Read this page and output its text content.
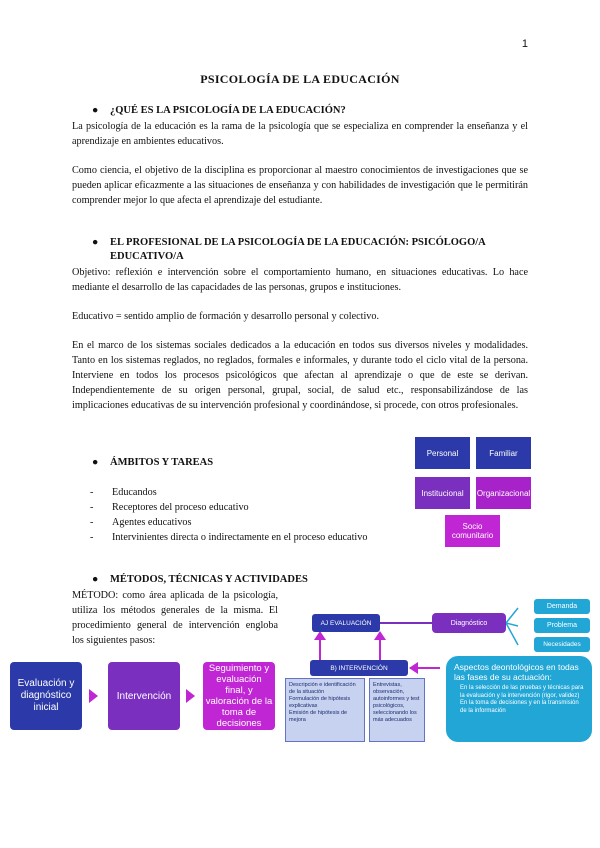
1
PSICOLOGÍA DE LA EDUCACIÓN
● ¿QUÉ ES LA PSICOLOGÍA DE LA EDUCACIÓN?
La psicología de la educación es la rama de la psicología que se especializa en comprender la enseñanza y el aprendizaje en ambientes educativos.
Como ciencia, el objetivo de la disciplina es proporcionar al maestro conocimientos de investigaciones que se pueden aplicar eficazmente a las situaciones de enseñanza y con habilidades de investigación que le permitirán comprender mejor lo que afecta el aprendizaje del estudiante.
● EL PROFESIONAL DE LA PSICOLOGÍA DE LA EDUCACIÓN: PSICÓLOGO/A EDUCATIVO/A
Objetivo: reflexión e intervención sobre el comportamiento humano, en situaciones educativas. Lo hace mediante el desarrollo de las capacidades de las personas, grupos e instituciones.
Educativo = sentido amplio de formación y desarrollo personal y colectivo.
En el marco de los sistemas sociales dedicados a la educación en todos sus diversos niveles y modalidades. Tanto en los sistemas reglados, no reglados, formales e informales, y durante todo el ciclo vital de la persona. Interviene en todos los procesos psicológicos que afectan al aprendizaje o que de este se derivan. Independientemente de su origen personal, grupal, social, de salud etc., responsabilizándose de las implicaciones educativas de su intervención profesional y coordinándose, si procede, con otros profesionales.
● ÁMBITOS Y TAREAS
- Educandos
- Receptores del proceso educativo
- Agentes educativos
- Intervinientes directa o indirectamente en el proceso educativo
Personal	Familiar
Institucional	Organizacional
Socio comunitario
● MÉTODOS, TÉCNICAS Y ACTIVIDADES
MÉTODO: como área aplicada de la psicología, utiliza los métodos generales de la misma. El procedimiento general de intervención engloba los siguientes pasos:
Evaluación y diagnóstico inicial
Intervención
Seguimiento y evaluación final, y valoración de la toma de decisiones
AJ EVALUACIÓN	Diagnóstico
Demanda
Problema
Necesidades
B) INTERVENCIÓN
Descripción e identificación de la situación
Formulación de hipótesis explicativas
Emisión de hipótesis de mejora
Entrevistas, observación, autoinformes y test psicológicos, seleccionando los más adecuados
Aspectos deontológicos en todas las fases de su actuación:
En la selección de las pruebas y técnicas para la evaluación y la intervención (rigor, validez)
En la toma de decisiones y en la transmisión de la información
